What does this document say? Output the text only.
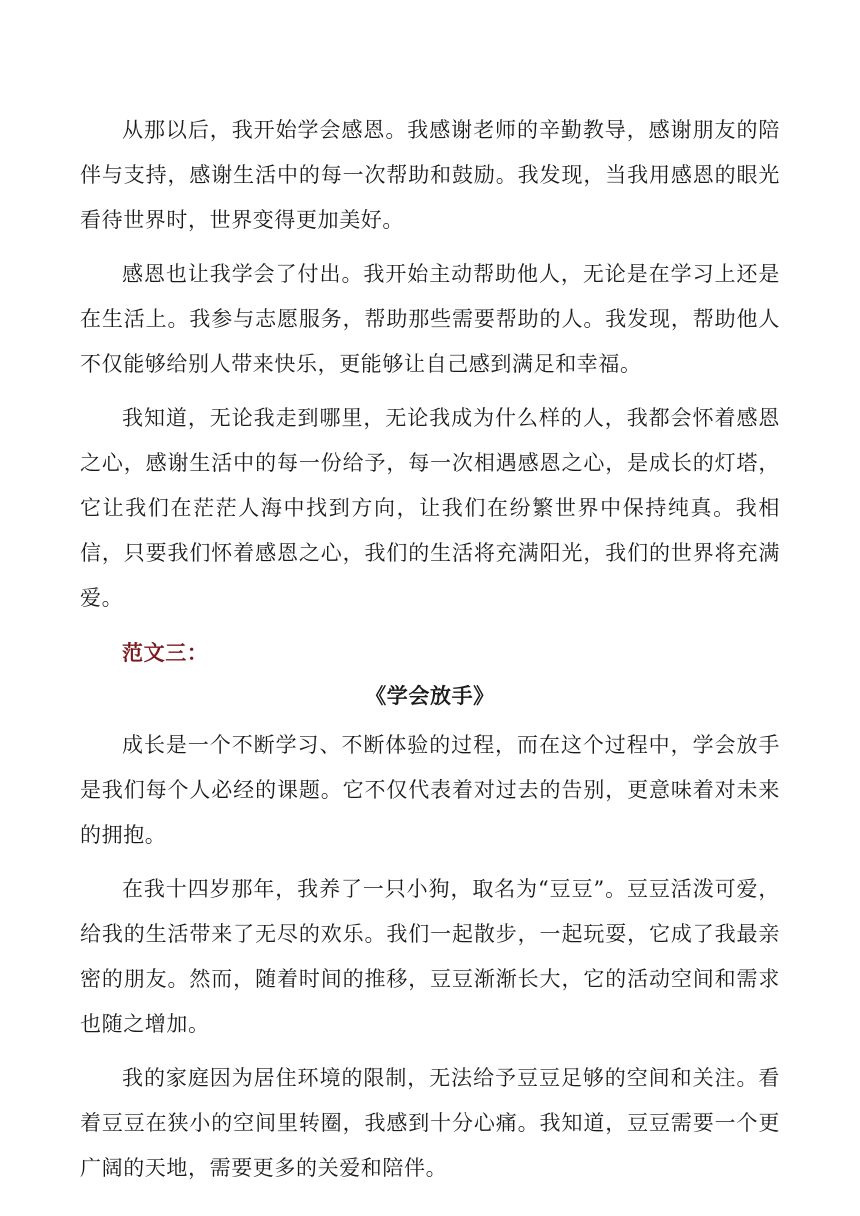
从那以后，我开始学会感恩。我感谢老师的辛勤教导，感谢朋友的陪伴与支持，感谢生活中的每一次帮助和鼓励。我发现，当我用感恩的眼光看待世界时，世界变得更加美好。

感恩也让我学会了付出。我开始主动帮助他人，无论是在学习上还是在生活上。我参与志愿服务，帮助那些需要帮助的人。我发现，帮助他人不仅能够给别人带来快乐，更能够让自己感到满足和幸福。

我知道，无论我走到哪里，无论我成为什么样的人，我都会怀着感恩之心，感谢生活中的每一份给予，每一次相遇感恩之心，是成长的灯塔，它让我们在茫茫人海中找到方向，让我们在纷繁世界中保持纯真。我相信，只要我们怀着感恩之心，我们的生活将充满阳光，我们的世界将充满爱。

范文三：

《学会放手》

成长是一个不断学习、不断体验的过程，而在这个过程中，学会放手是我们每个人必经的课题。它不仅代表着对过去的告别，更意味着对未来的拥抱。

在我十四岁那年，我养了一只小狗，取名为“豆豆”。豆豆活泼可爱，给我的生活带来了无尽的欢乐。我们一起散步，一起玩耍，它成了我最亲密的朋友。然而，随着时间的推移，豆豆渐渐长大，它的活动空间和需求也随之增加。

我的家庭因为居住环境的限制，无法给予豆豆足够的空间和关注。看着豆豆在狭小的空间里转圈，我感到十分心痛。我知道，豆豆需要一个更广阔的天地，需要更多的关爱和陪伴。
